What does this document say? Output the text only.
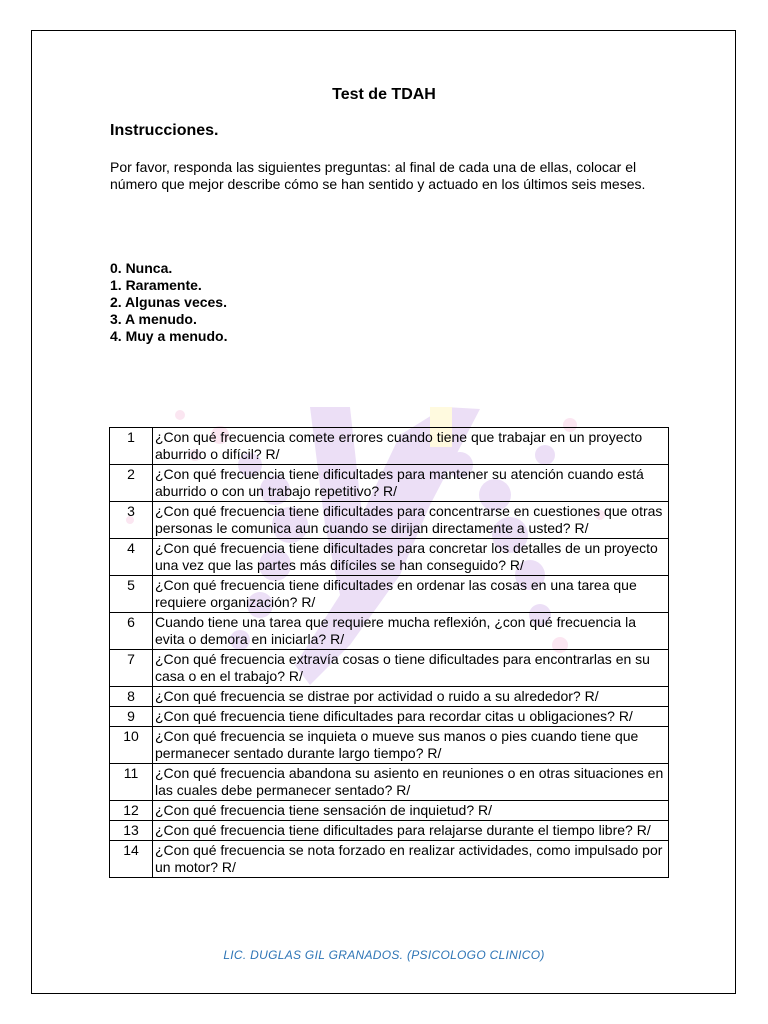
Test de TDAH
Instrucciones.

Por favor, responda las siguientes preguntas: al final de cada una de ellas, colocar el número que mejor describe cómo se han sentido y actuado en los últimos seis meses.

0. Nunca.
1. Raramente.
2. Algunas veces.
3. A menudo.
4. Muy a menudo.
1	¿Con qué frecuencia comete errores cuando tiene que trabajar en un proyecto aburrido o difícil? R/
2	¿Con qué frecuencia tiene dificultades para mantener su atención cuando está aburrido o con un trabajo repetitivo? R/
3	¿Con qué frecuencia tiene dificultades para concentrarse en cuestiones que otras personas le comunica aun cuando se dirijan directamente a usted? R/
4	¿Con qué frecuencia tiene dificultades para concretar los detalles de un proyecto una vez que las partes más difíciles se han conseguido? R/
5	¿Con qué frecuencia tiene dificultades en ordenar las cosas en una tarea que requiere organización? R/
6	Cuando tiene una tarea que requiere mucha reflexión, ¿con qué frecuencia la evita o demora en iniciarla? R/
7	¿Con qué frecuencia extravía cosas o tiene dificultades para encontrarlas en su casa o en el trabajo? R/
8	¿Con qué frecuencia se distrae por actividad o ruido a su alrededor? R/
9	¿Con qué frecuencia tiene dificultades para recordar citas u obligaciones? R/
10	¿Con qué frecuencia se inquieta o mueve sus manos o pies cuando tiene que permanecer sentado durante largo tiempo? R/
11	¿Con qué frecuencia abandona su asiento en reuniones o en otras situaciones en las cuales debe permanecer sentado? R/
12	¿Con qué frecuencia tiene sensación de inquietud? R/
13	¿Con qué frecuencia tiene dificultades para relajarse durante el tiempo libre? R/
14	¿Con qué frecuencia se nota forzado en realizar actividades, como impulsado por un motor? R/

LIC. DUGLAS GIL GRANADOS. (PSICOLOGO CLINICO)
